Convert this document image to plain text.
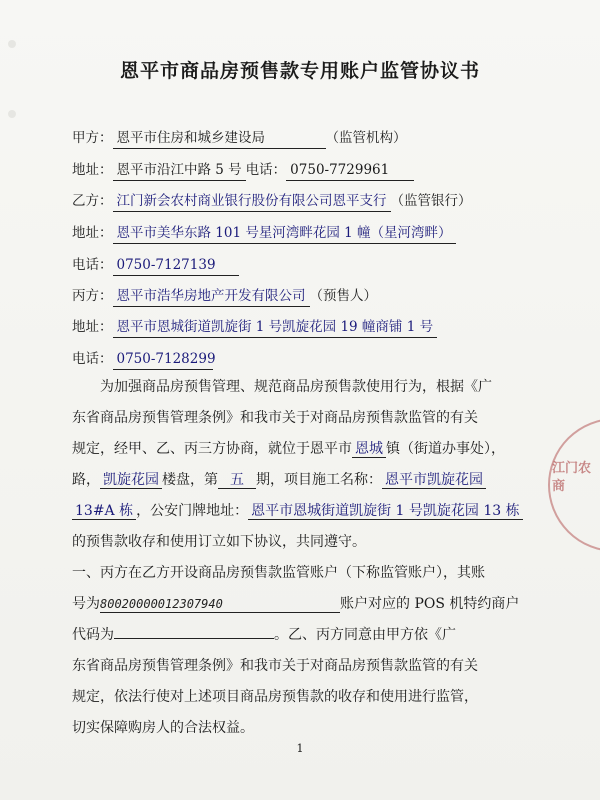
恩平市商品房预售款专用账户监管协议书
甲方： 恩平市住房和城乡建设局	（监管机构）
地址： 恩平市沿江中路 5 号 电话： 0750-7729961
乙方： 江门新会农村商业银行股份有限公司恩平支行 （监管银行）
地址： 恩平市美华东路 101 号星河湾畔花园 1 幢（星河湾畔）
电话： 0750-7127139
丙方： 恩平市浩华房地产开发有限公司 （预售人）
地址： 恩平市恩城街道凯旋街 1 号凯旋花园 19 幢商铺 1 号
电话： 0750-7128299
为加强商品房预售管理、规范商品房预售款使用行为，根据《广
东省商品房预售管理条例》和我市关于对商品房预售款监管的有关
规定，经甲、乙、丙三方协商，就位于恩平市 恩城 镇（街道办事处），
路， 凯旋花园 楼盘，第 五 期，项目施工名称： 恩平市凯旋花园
13#A 栋 ，公安门牌地址： 恩平市恩城街道凯旋街 1 号凯旋花园 13 栋
的预售款收存和使用订立如下协议，共同遵守。
一、丙方在乙方开设商品房预售款监管账户（下称监管账户），其账
号为80020000012307940	账户对应的 POS 机特约商户
代码为	。乙、丙方同意由甲方依《广
东省商品房预售管理条例》和我市关于对商品房预售款监管的有关
规定，依法行使对上述项目商品房预售款的收存和使用进行监管，
切实保障购房人的合法权益。
1
江门农商
